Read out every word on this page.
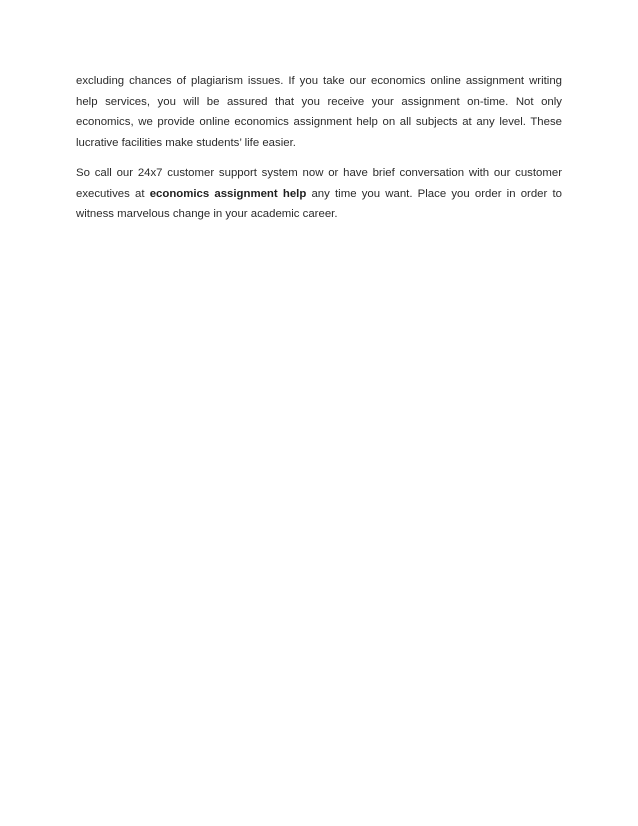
excluding chances of plagiarism issues. If you take our economics online assignment writing help services, you will be assured that you receive your assignment on-time. Not only economics, we provide online economics assignment help on all subjects at any level. These lucrative facilities make students’ life easier.

So call our 24x7 customer support system now or have brief conversation with our customer executives at economics assignment help any time you want. Place you order in order to witness marvelous change in your academic career.
